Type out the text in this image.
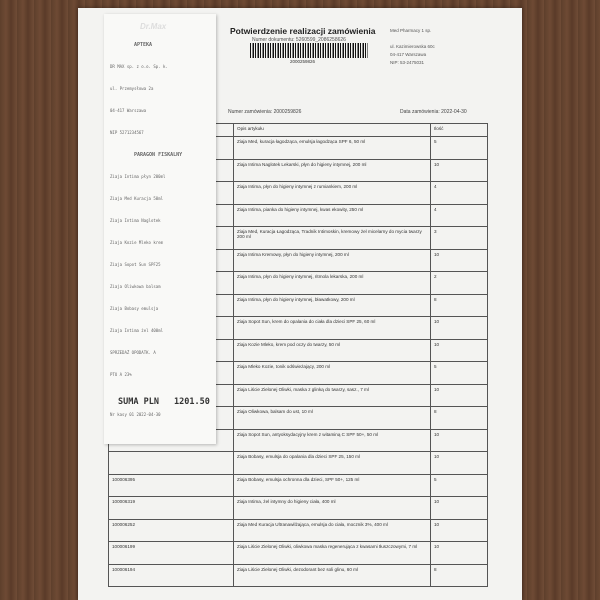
Potwierdzenie realizacji zamówienia
Numer dokumentu: 5260599_2086258626
2000259826
Med Pharmacy 1 sp.
ul. Kazimierowska 60c
04-417 Warszawa
NIP: 53-2475031
Numer zamówienia: 2000259826	Data zamówienia: 2022-04-30
	Opis artykułu	Ilość
	Ziaja Med, kuracja łagodząca, emulsja łagodząca SPF 6, 50 ml	5
	Ziaja Intima Naglotek Lekarski, płyn do higieny intymnej, 200 ml	10
	Ziaja Intima, płyn do higieny intymnej z rumiankiem, 200 ml	4
	Ziaja Intima, pianka do higieny intymnej, kwas ekowity, 250 ml	4
	Ziaja Med, Kuracja Łagodząca, Tradnik Intimoskin, kremowy żel micelarny do mycia twarzy 200 ml	3
	Ziaja Intima Kremowy, płyn do higieny intymnej, 200 ml	10
	Ziaja Intima, płyn do higieny intymnej, ritmola lekarska, 200 ml	2
	Ziaja Intima, płyn do higieny intymnej, bławatkowy, 200 ml	8
	Ziaja Sopot Sun, krem do opalania do ciała dla dzieci SPF 25, 60 ml	10
	Ziaja Kozie Mleko, krem pod oczy do twarzy, 50 ml	10
	Ziaja Mleko Kozie, tonik odświeżający, 200 ml	5
	Ziaja Liście Zielonej Oliwki, maska z glinką do twarzy, sasz., 7 ml	10
	Ziaja Oliwkowa, balsam do ust, 10 ml	8
	Ziaja Sopot Sun, antyoksydacyjny krem z witaminą C SPF 50+, 50 ml	10
	Ziaja Bobasy, emulsja do opalania dla dzieci SPF 25, 150 ml	10
100006395	Ziaja Bobasy, emulsja ochronna dla dzieci, SPF 50+, 125 ml	5
100006319	Ziaja Intima, żel intymny do higieny ciała, 400 ml	10
100006252	Ziaja Med Kuracja Ultranawilżająca, emulsja do ciała, mocznik 3%, 400 ml	10
100006199	Ziaja Liście Zielonej Oliwki, oliwkowa maska regenerująca z kwasami tłuszczowymi, 7 ml	10
100006194	Ziaja Liście Zielonej Oliwki, dezodorant bez soli glinu, 60 ml	8
Dr.Max
APTEKA
DR MAX sp. z o.o. Sp. k.
ul. Przemysłowa 2a
04-417 Warszawa
NIP 5271234567
PARAGON FISKALNY
Ziaja Intima płyn 200ml
Ziaja Med Kuracja 50ml
Ziaja Intima Naglotek
Ziaja Kozie Mleko krem
Ziaja Sopot Sun SPF25
Ziaja Oliwkowa balsam
Ziaja Bobasy emulsja
Ziaja Intima żel 400ml
SPRZEDAŻ OPODATK. A
PTU A 23%
SUMA PLN 1201.50
Nr kasy 01 2022-04-30
